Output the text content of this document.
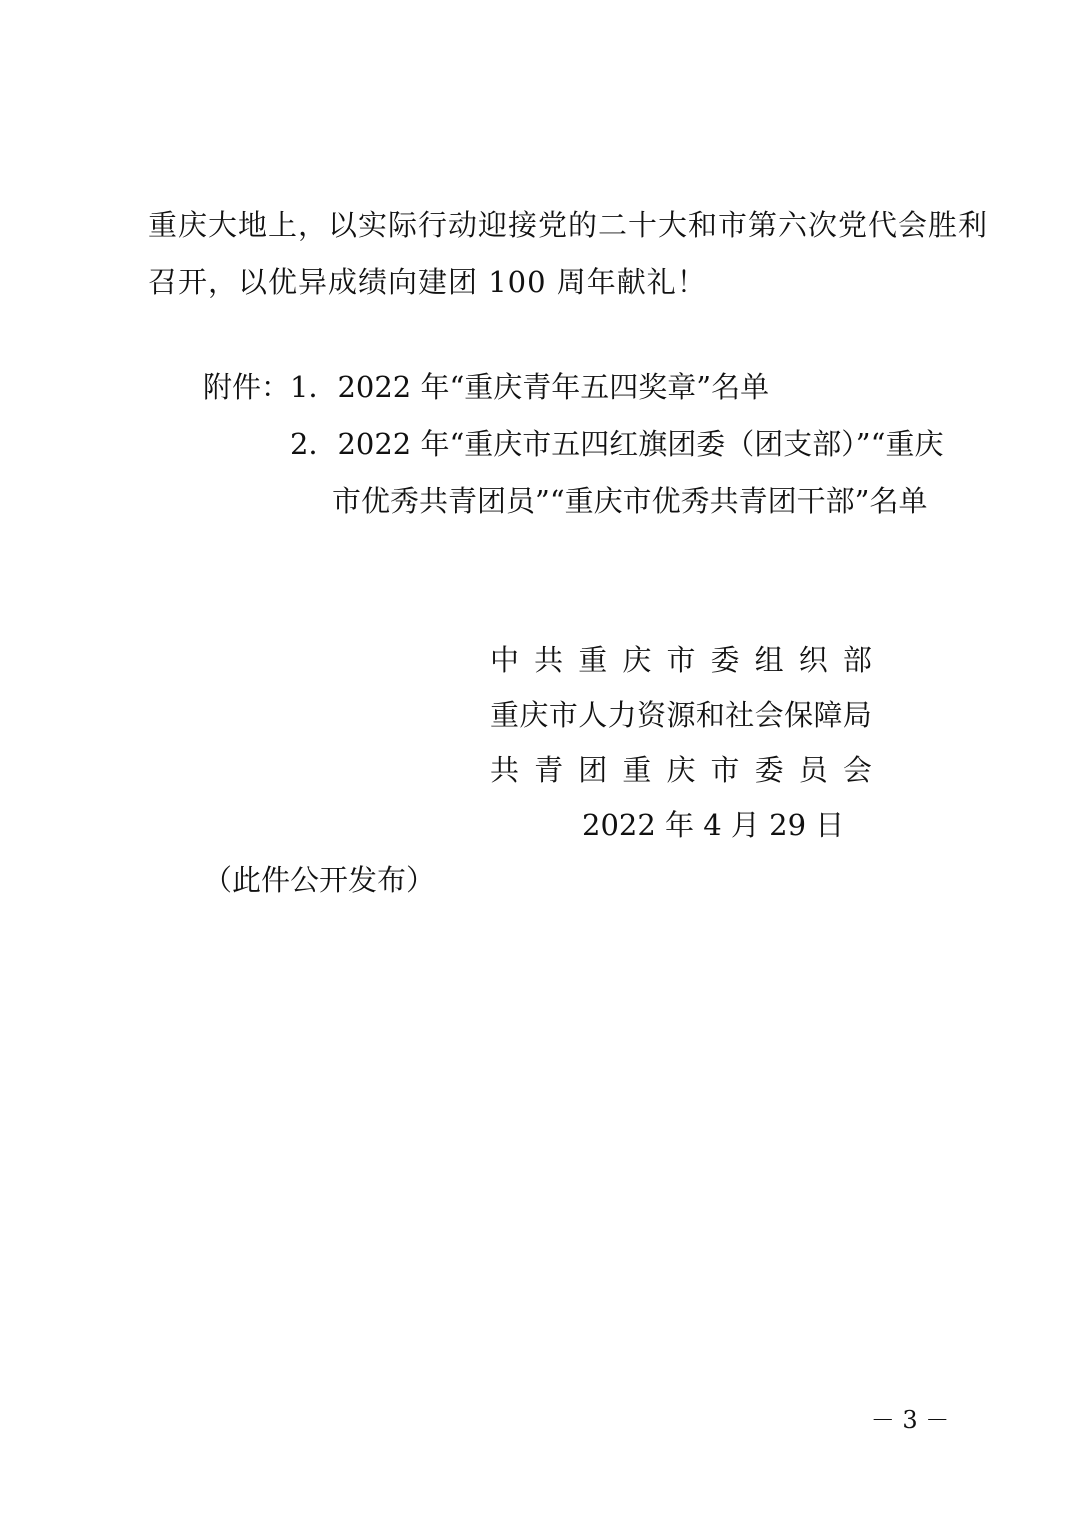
重庆大地上，以实际行动迎接党的二十大和市第六次党代会胜利
召开，以优异成绩向建团 100 周年献礼！
附件： 1．2022 年“重庆青年五四奖章”名单
2．2022 年“重庆市五四红旗团委（团支部）”“重庆
市优秀共青团员”“重庆市优秀共青团干部”名单
中 共 重 庆 市 委 组 织 部
重 庆 市 人 力 资 源 和 社 会 保 障 局
共 青 团 重 庆 市 委 员 会
2022 年 4 月 29 日
（此件公开发布）
－ 3 －
